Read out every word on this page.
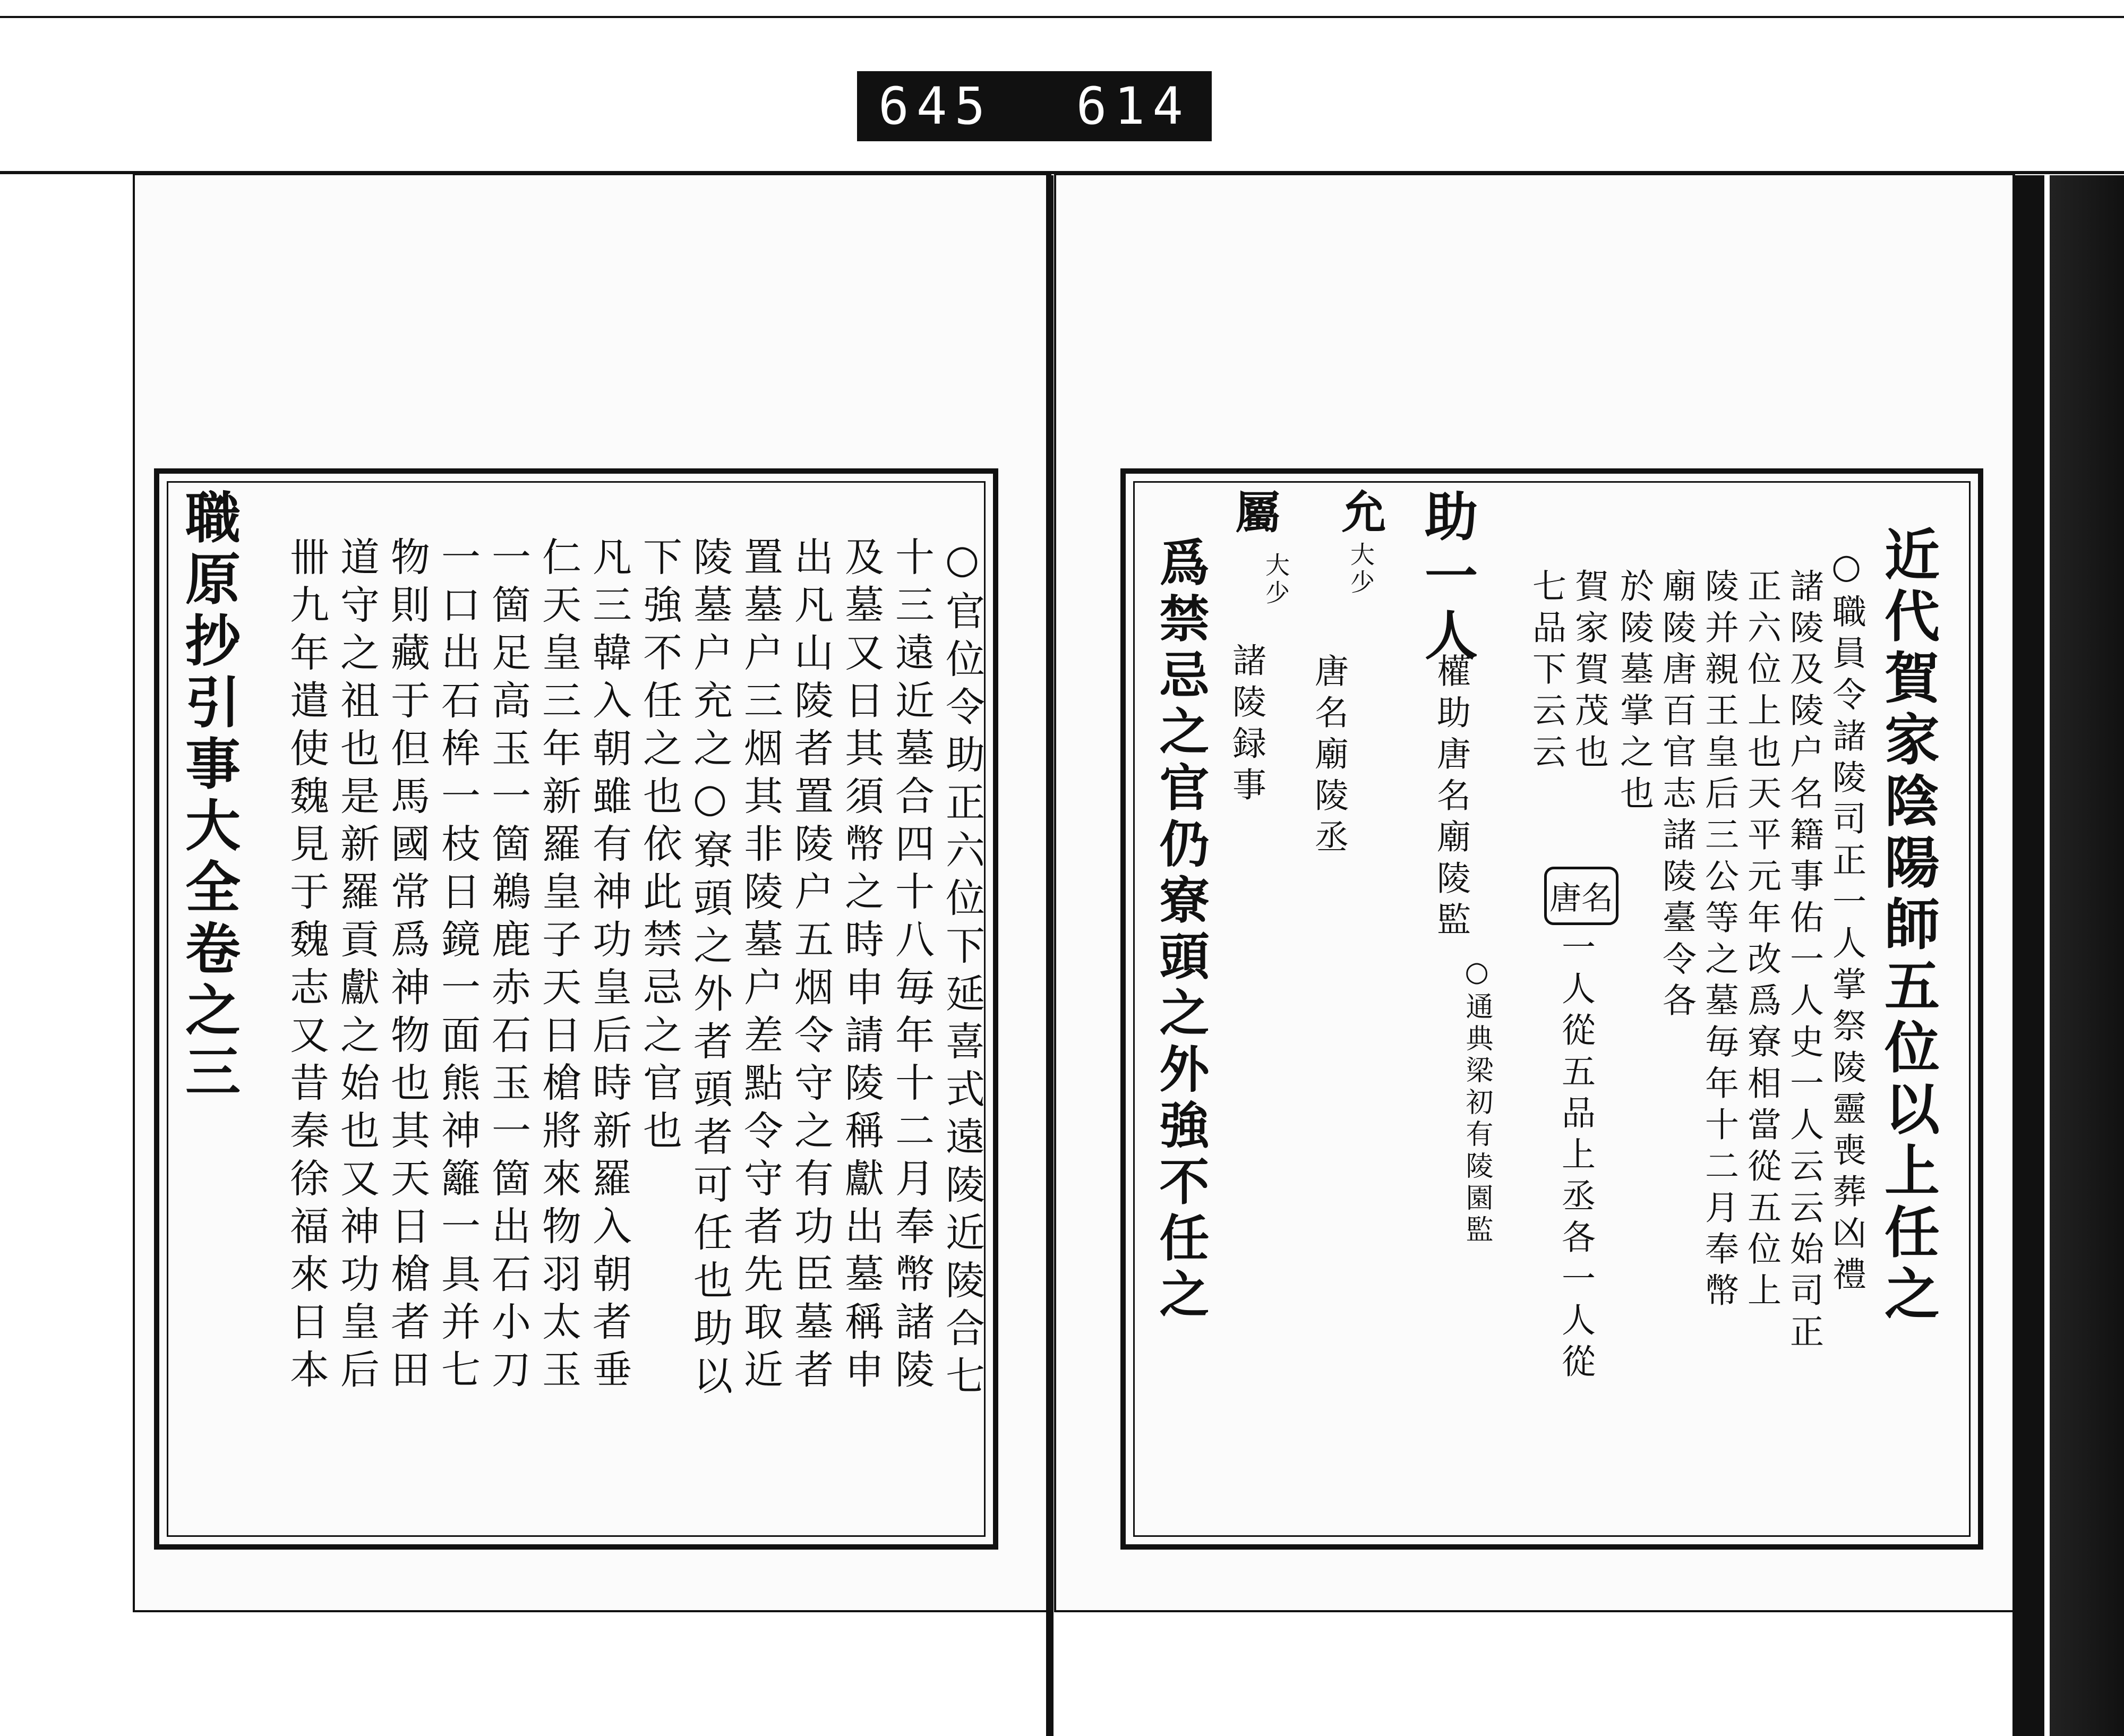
645 614
職原抄引事大全卷之三	○官位令助正六位下延喜式遠陵近陵合七
十三遠近墓合四十八毎年十二月奉幣諸陵
及墓又日其須幣之時申請陵稱獻出墓稱申
出凡山陵者置陵户五烟令守之有功臣墓者
置墓户三烟其非陵墓户差點令守者先取近
陵墓户充之○寮頭之外者頭者可任也助以
下強不任之也依此禁忌之官也
凡三韓入朝雖有神功皇后時新羅入朝者垂
仁天皇三年新羅皇子天日槍將來物羽太玉
一箇足高玉一箇鵜鹿赤石玉一箇出石小刀
一口出石桙一枝日鏡一面熊神籬一具并七
物則藏于但馬國常爲神物也其天日槍者田
道守之祖也是新羅貢獻之始也又神功皇后
卌九年遣使魏見于魏志又昔秦徐福來日本	近代賀家陰陽師五位以上任之
○職員令諸陵司正一人掌祭陵靈喪葬凶禮
諸陵及陵户名籍事佑一人史一人云云始司正
正六位上也天平元年改爲寮相當從五位上
陵并親王皇后三公等之墓毎年十二月奉幣
廟陵唐百官志諸陵臺令各
於陵墓掌之也
賀家賀茂也
七品下云云
唐名
一人從五品上丞各一人從
助一人
權助唐名廟陵監
○通典梁初有陵園監
允
大少
唐名廟陵丞
屬
大少
諸陵録事
爲禁忌之官仍寮頭之外強不任之
